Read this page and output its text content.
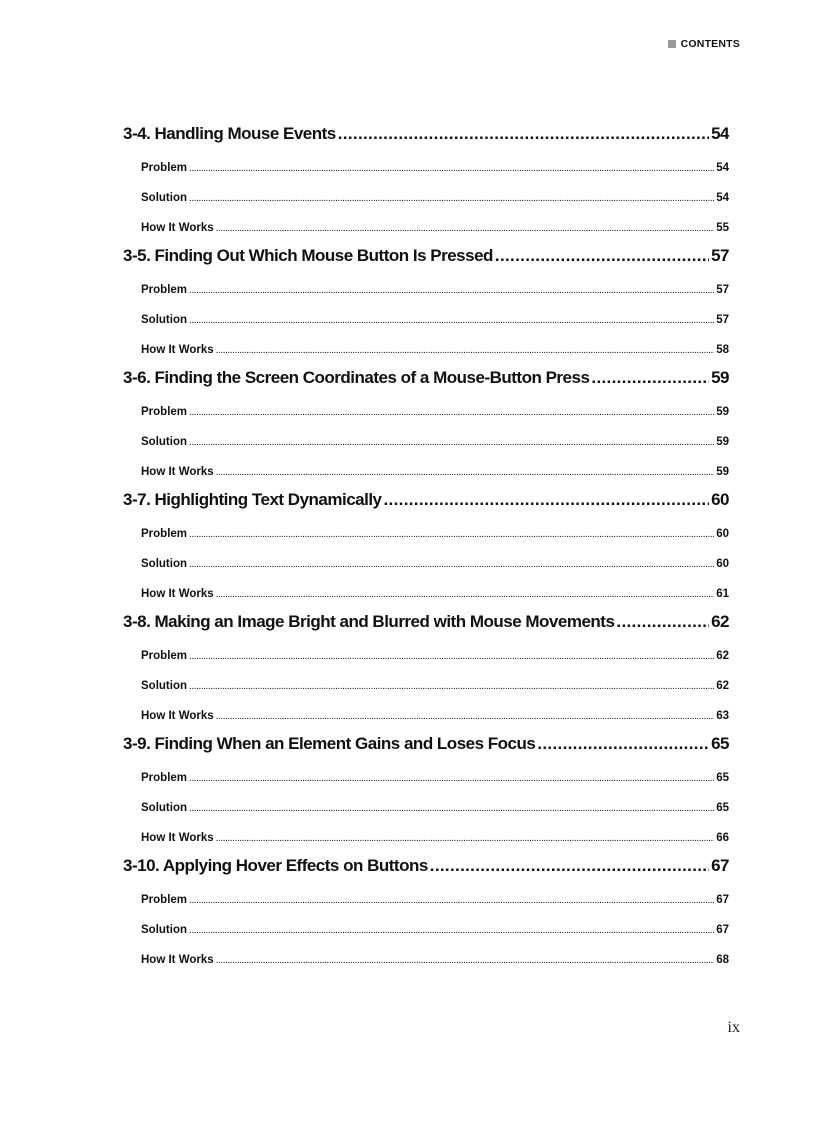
CONTENTS
3-4. Handling Mouse Events . . .	54
Problem . . .	54
Solution . . .	54
How It Works . . .	55
3-5. Finding Out Which Mouse Button Is Pressed . . .	57
Problem . . .	57
Solution . . .	57
How It Works . . .	58
3-6. Finding the Screen Coordinates of a Mouse-Button Press . . .	59
Problem . . .	59
Solution . . .	59
How It Works . . .	59
3-7. Highlighting Text Dynamically . . .	60
Problem . . .	60
Solution . . .	60
How It Works . . .	61
3-8. Making an Image Bright and Blurred with Mouse Movements . . .	62
Problem . . .	62
Solution . . .	62
How It Works . . .	63
3-9. Finding When an Element Gains and Loses Focus . . .	65
Problem . . .	65
Solution . . .	65
How It Works . . .	66
3-10. Applying Hover Effects on Buttons . . .	67
Problem . . .	67
Solution . . .	67
How It Works . . .	68
ix
